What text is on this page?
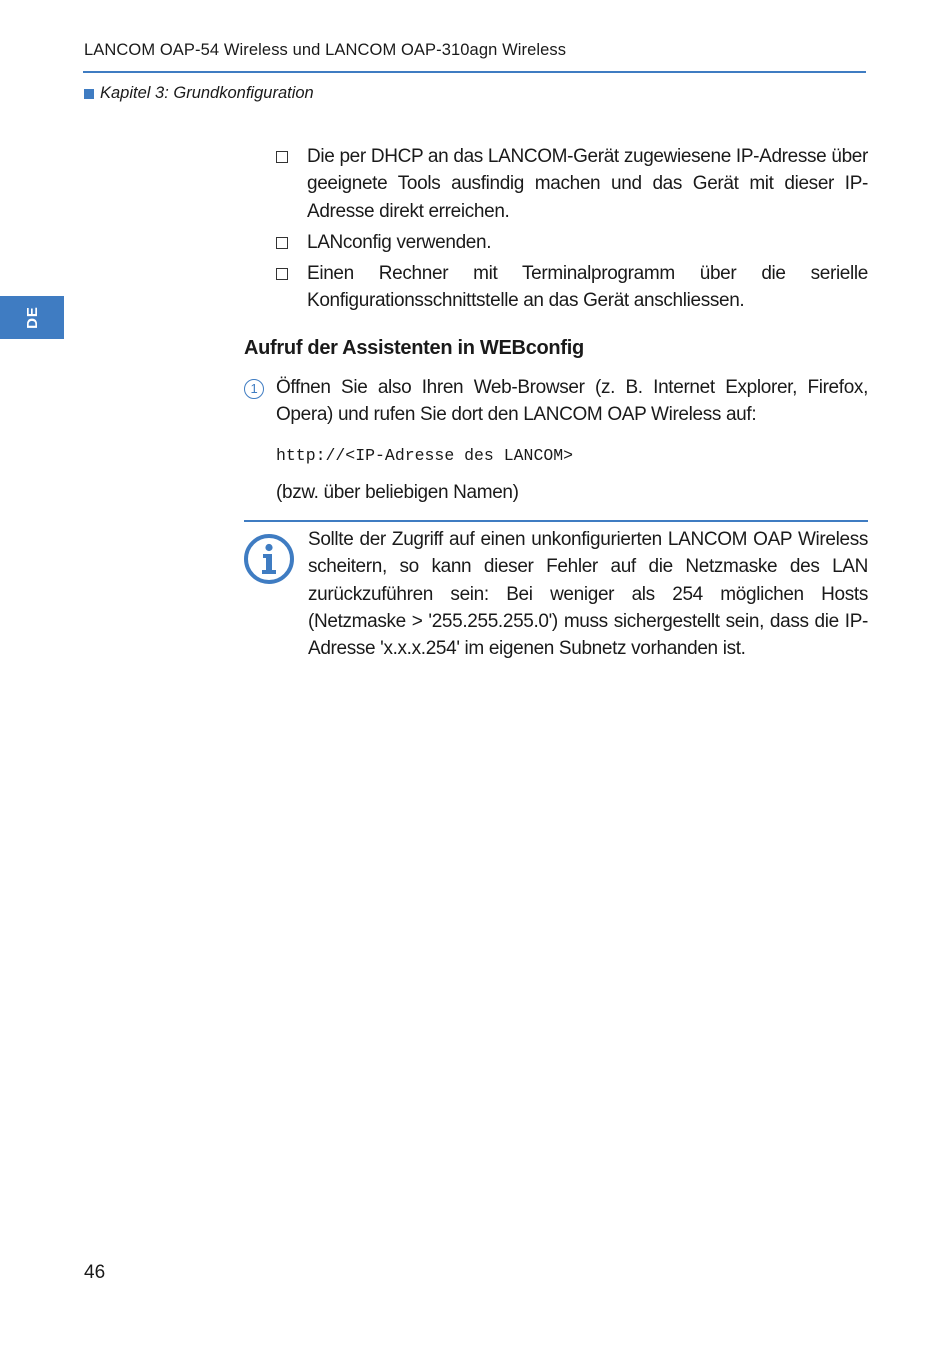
LANCOM OAP-54 Wireless und LANCOM OAP-310agn Wireless
Kapitel 3: Grundkonfiguration
DE
Die per DHCP an das LANCOM-Gerät zugewiesene IP-Adresse über geeignete Tools ausfindig machen und das Gerät mit dieser IP-Adresse direkt erreichen.
LANconfig verwenden.
Einen Rechner mit Terminalprogramm über die serielle Konfigurationsschnittstelle an das Gerät anschliessen.
Aufruf der Assistenten in WEBconfig
1 Öffnen Sie also Ihren Web-Browser (z. B. Internet Explorer, Firefox, Opera) und rufen Sie dort den LANCOM OAP Wireless auf:
http://<IP-Adresse des LANCOM>
(bzw. über beliebigen Namen)
Sollte der Zugriff auf einen unkonfigurierten LANCOM OAP Wireless scheitern, so kann dieser Fehler auf die Netzmaske des LAN zurückzuführen sein: Bei weniger als 254 möglichen Hosts (Netzmaske > '255.255.255.0') muss sichergestellt sein, dass die IP-Adresse 'x.x.x.254' im eigenen Subnetz vorhanden ist.
46
